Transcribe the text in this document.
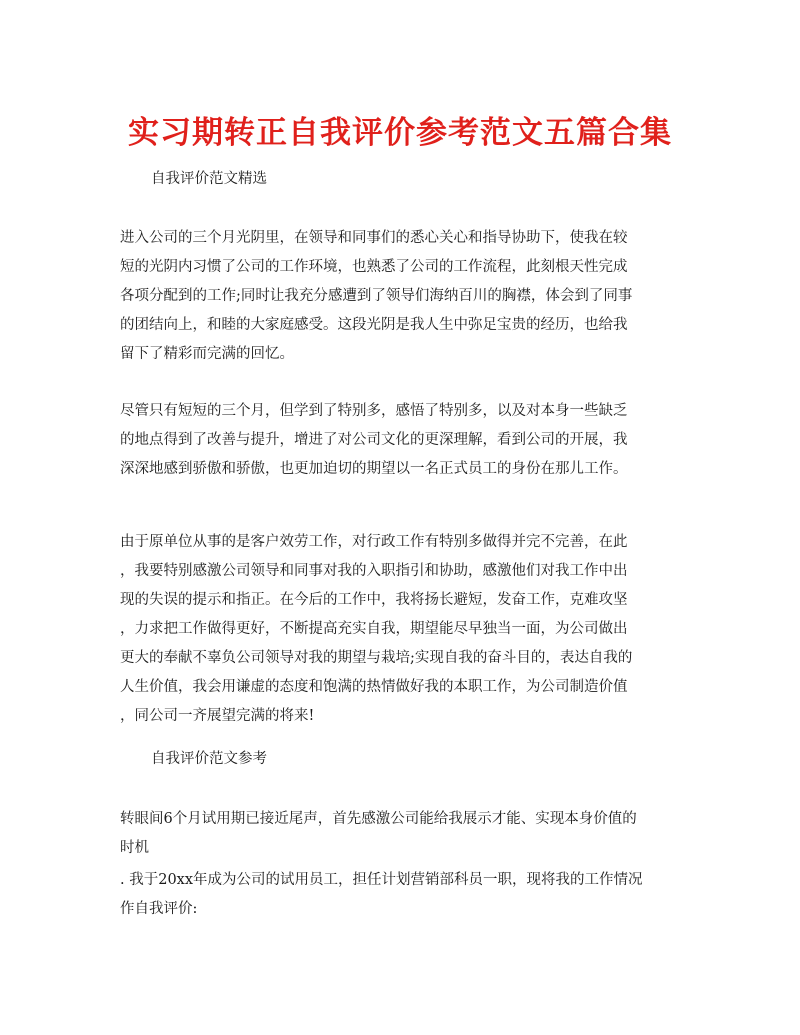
实习期转正自我评价参考范文五篇合集
自我评价范文精选
进入公司的三个月光阴里，在领导和同事们的悉心关心和指导协助下，使我在较
短的光阴内习惯了公司的工作环境，也熟悉了公司的工作流程，此刻根天性完成
各项分配到的工作;同时让我充分感遭到了领导们海纳百川的胸襟，体会到了同事
的团结向上，和睦的大家庭感受。这段光阴是我人生中弥足宝贵的经历，也给我
留下了精彩而完满的回忆。
尽管只有短短的三个月，但学到了特别多，感悟了特别多，以及对本身一些缺乏
的地点得到了改善与提升，增进了对公司文化的更深理解，看到公司的开展，我
深深地感到骄傲和骄傲，也更加迫切的期望以一名正式员工的身份在那儿工作。
由于原单位从事的是客户效劳工作，对行政工作有特别多做得并完不完善，在此
，我要特别感激公司领导和同事对我的入职指引和协助，感激他们对我工作中出
现的失误的提示和指正。在今后的工作中，我将扬长避短，发奋工作，克难攻坚
，力求把工作做得更好，不断提高充实自我，期望能尽早独当一面，为公司做出
更大的奉献不辜负公司领导对我的期望与栽培;实现自我的奋斗目的，表达自我的
人生价值，我会用谦虚的态度和饱满的热情做好我的本职工作，为公司制造价值
，同公司一齐展望完满的将来!
自我评价范文参考
转眼间6个月试用期已接近尾声，首先感激公司能给我展示才能、实现本身价值的
时机
. 我于20xx年成为公司的试用员工，担任计划营销部科员一职，现将我的工作情况
作自我评价:
